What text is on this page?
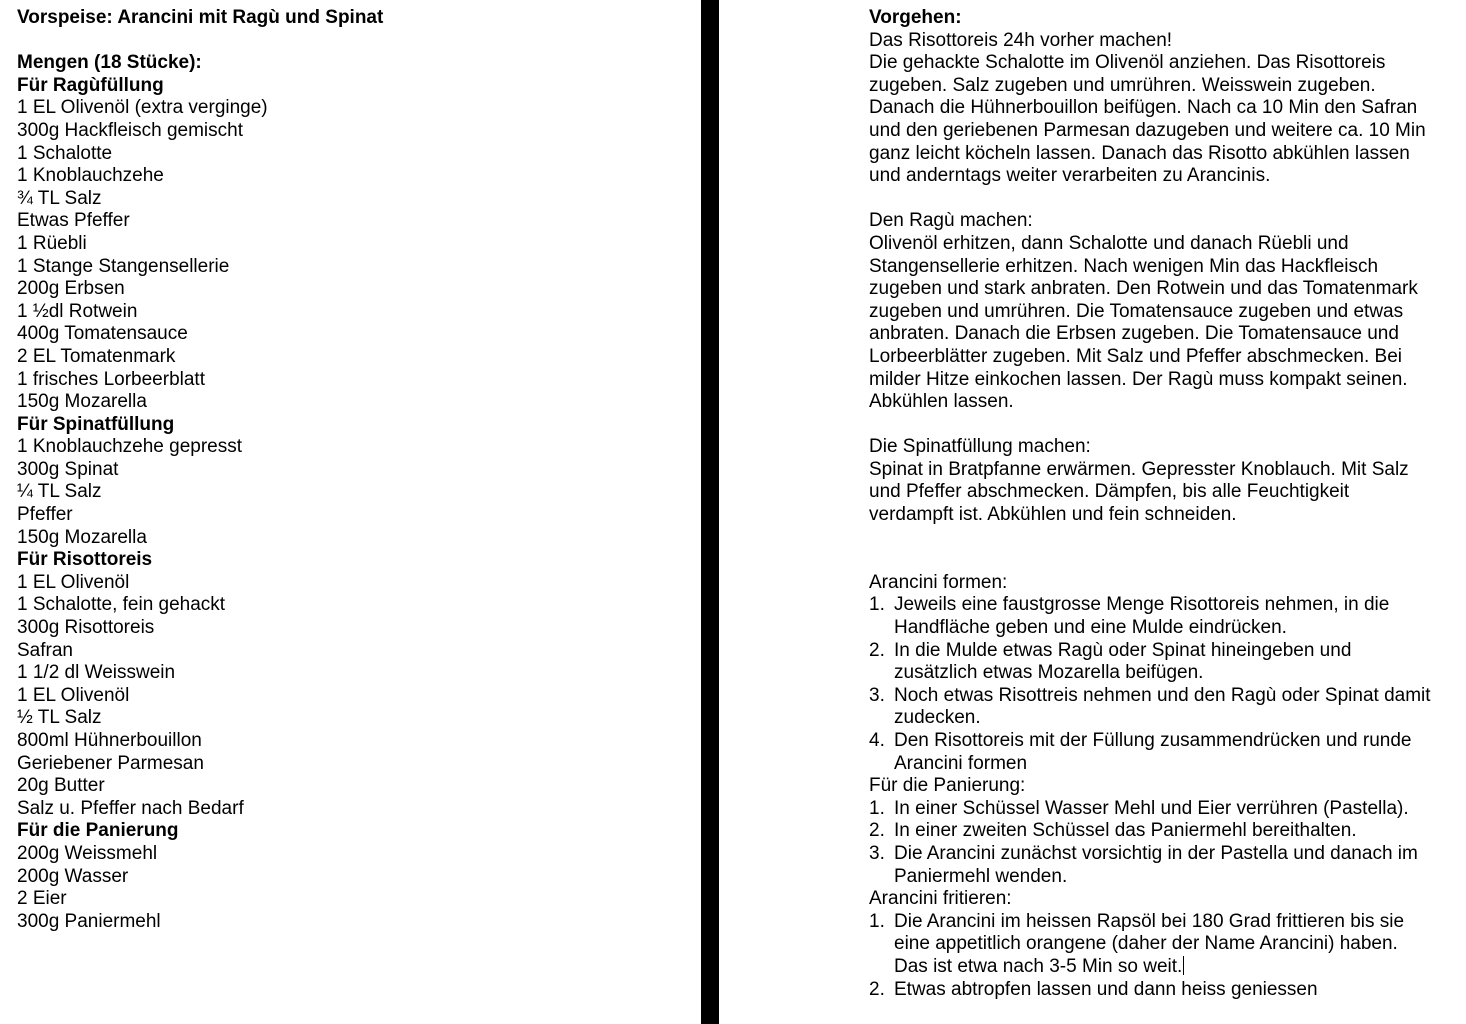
Vorspeise: Arancini mit Ragù und Spinat
Mengen (18 Stücke):
Für Ragùfüllung
1 EL Olivenöl (extra verginge)
300g Hackfleisch gemischt
1 Schalotte
1 Knoblauchzehe
¾ TL Salz
Etwas Pfeffer
1 Rüebli
1 Stange Stangensellerie
200g Erbsen
1 ½dl Rotwein
400g Tomatensauce
2 EL Tomatenmark
1 frisches Lorbeerblatt
150g Mozarella
Für Spinatfüllung
1 Knoblauchzehe gepresst
300g Spinat
¼ TL Salz
Pfeffer
150g Mozarella
Für Risottoreis
1 EL Olivenöl
1 Schalotte, fein gehackt
300g Risottoreis
Safran
1 1/2 dl Weisswein
1 EL Olivenöl
½ TL Salz
800ml Hühnerbouillon
Geriebener Parmesan
20g Butter
Salz u. Pfeffer nach Bedarf
Für die Panierung
200g Weissmehl
200g Wasser
2 Eier
300g Paniermehl
Vorgehen:
Das Risottoreis 24h vorher machen!
Die gehackte Schalotte im Olivenöl anziehen. Das Risottoreis
zugeben. Salz zugeben und umrühren. Weisswein zugeben.
Danach die Hühnerbouillon beifügen. Nach ca 10 Min den Safran
und den geriebenen Parmesan dazugeben und weitere ca. 10 Min
ganz leicht köcheln lassen. Danach das Risotto abkühlen lassen
und anderntags weiter verarbeiten zu Arancinis.
Den Ragù machen:
Olivenöl erhitzen, dann Schalotte und danach Rüebli und
Stangensellerie erhitzen. Nach wenigen Min das Hackfleisch
zugeben und stark anbraten. Den Rotwein und das Tomatenmark
zugeben und umrühren. Die Tomatensauce zugeben und etwas
anbraten. Danach die Erbsen zugeben. Die Tomatensauce und
Lorbeerblätter zugeben. Mit Salz und Pfeffer abschmecken. Bei
milder Hitze einkochen lassen. Der Ragù muss kompakt seinen.
Abkühlen lassen.
Die Spinatfüllung machen:
Spinat in Bratpfanne erwärmen. Gepresster Knoblauch. Mit Salz
und Pfeffer abschmecken. Dämpfen, bis alle Feuchtigkeit
verdampft ist. Abkühlen und fein schneiden.
Arancini formen:
1. Jeweils eine faustgrosse Menge Risottoreis nehmen, in die
Handfläche geben und eine Mulde eindrücken.
2. In die Mulde etwas Ragù oder Spinat hineingeben und
zusätzlich etwas Mozarella beifügen.
3. Noch etwas Risottreis nehmen und den Ragù oder Spinat damit
zudecken.
4. Den Risottoreis mit der Füllung zusammendrücken und runde
Arancini formen
Für die Panierung:
1. In einer Schüssel Wasser Mehl und Eier verrühren (Pastella).
2. In einer zweiten Schüssel das Paniermehl bereithalten.
3. Die Arancini zunächst vorsichtig in der Pastella und danach im
Paniermehl wenden.
Arancini fritieren:
1. Die Arancini im heissen Rapsöl bei 180 Grad frittieren bis sie
eine appetitlich orangene (daher der Name Arancini) haben.
Das ist etwa nach 3-5 Min so weit.
2. Etwas abtropfen lassen und dann heiss geniessen
